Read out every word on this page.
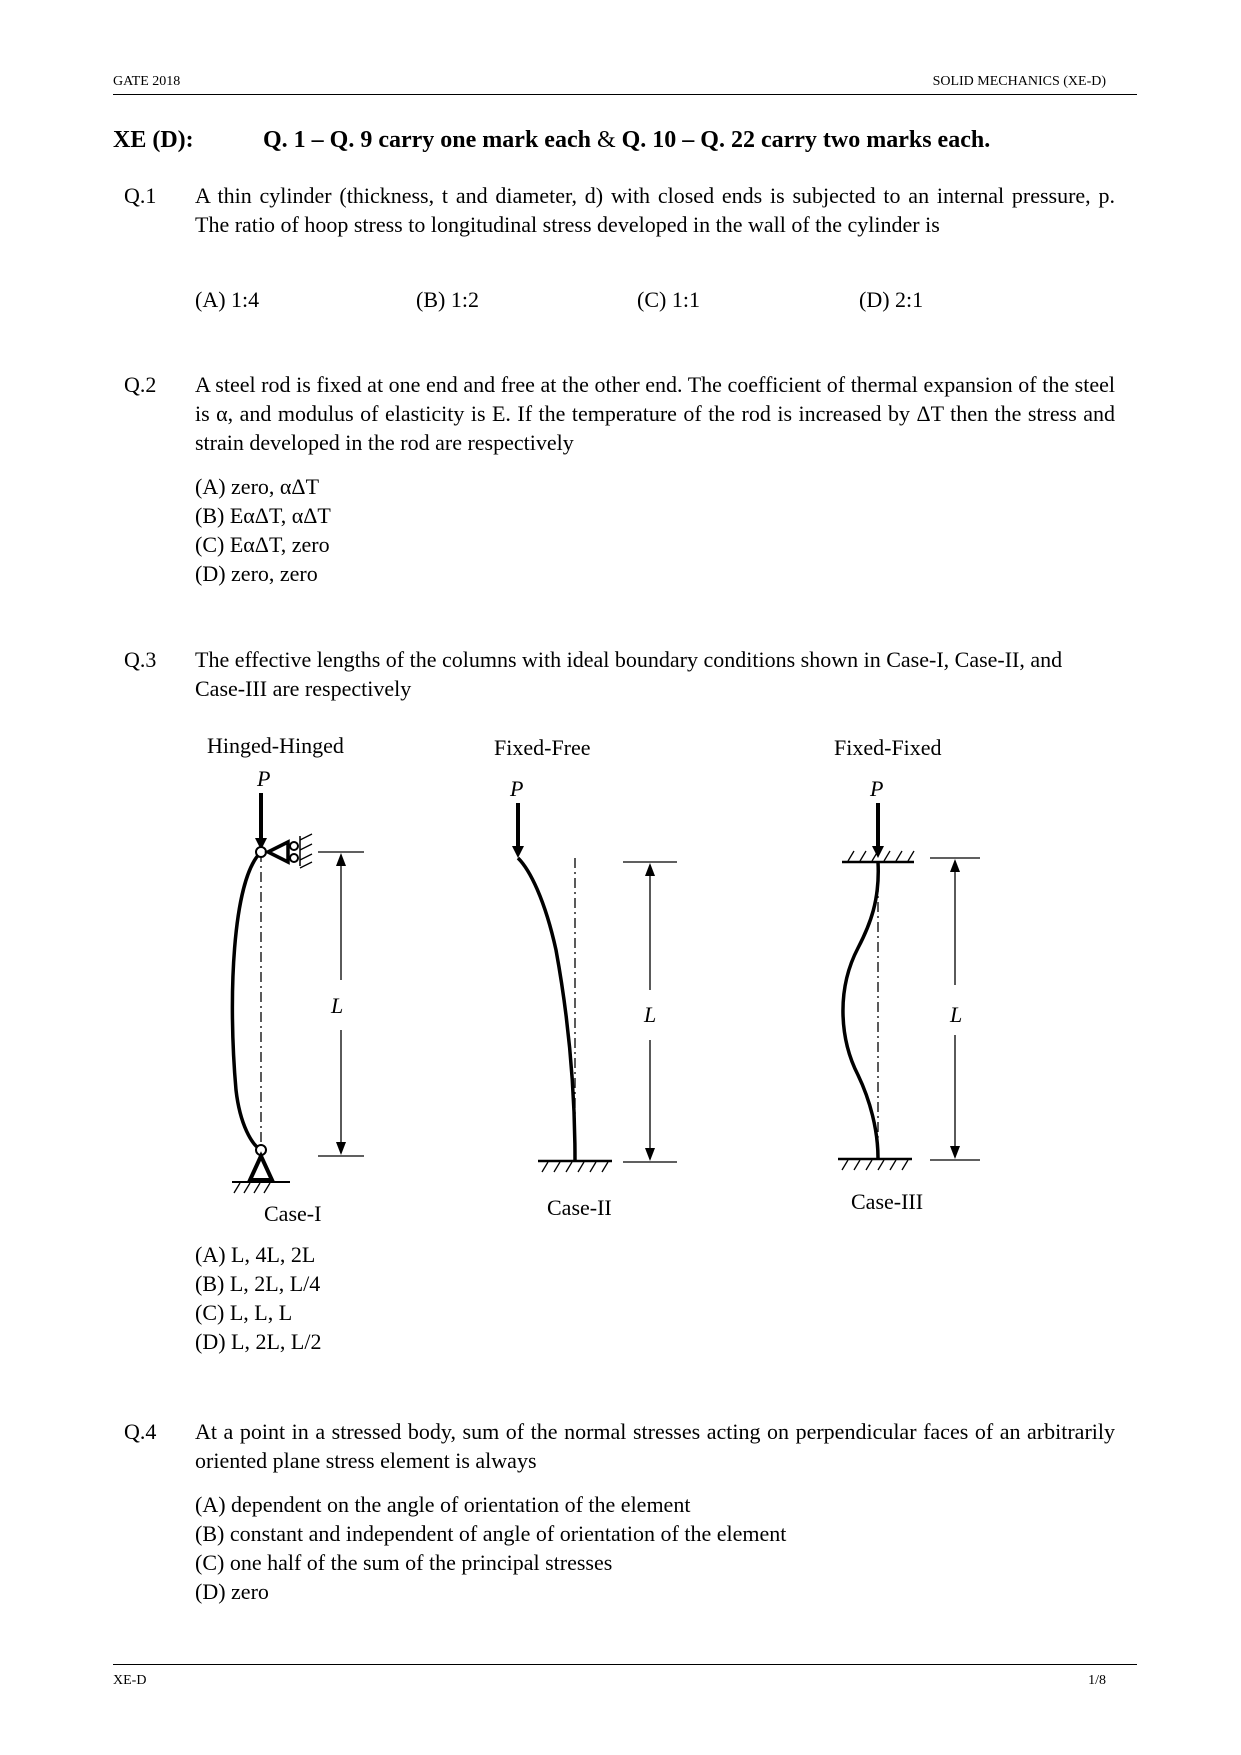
GATE 2018	SOLID MECHANICS (XE-D)
XE (D):	Q. 1 – Q. 9 carry one mark each & Q. 10 – Q. 22 carry two marks each.
Q.1 A thin cylinder (thickness, t and diameter, d) with closed ends is subjected to an internal pressure, p. The ratio of hoop stress to longitudinal stress developed in the wall of the cylinder is
(A) 1:4	(B) 1:2	(C) 1:1	(D) 2:1
Q.2 A steel rod is fixed at one end and free at the other end. The coefficient of thermal expansion of the steel is α, and modulus of elasticity is E. If the temperature of the rod is increased by ΔT then the stress and strain developed in the rod are respectively
(A) zero, αΔT
(B) EαΔT, αΔT
(C) EαΔT, zero
(D) zero, zero
Q.3 The effective lengths of the columns with ideal boundary conditions shown in Case-I, Case-II, and Case-III are respectively
Hinged-Hinged	Fixed-Free	Fixed-Fixed
Case-I	Case-II	Case-III
P
L
P
L
P
L
(A) L, 4L, 2L
(B) L, 2L, L/4
(C) L, L, L
(D) L, 2L, L/2
Q.4 At a point in a stressed body, sum of the normal stresses acting on perpendicular faces of an arbitrarily oriented plane stress element is always
(A) dependent on the angle of orientation of the element
(B) constant and independent of angle of orientation of the element
(C) one half of the sum of the principal stresses
(D) zero
XE-D	1/8
